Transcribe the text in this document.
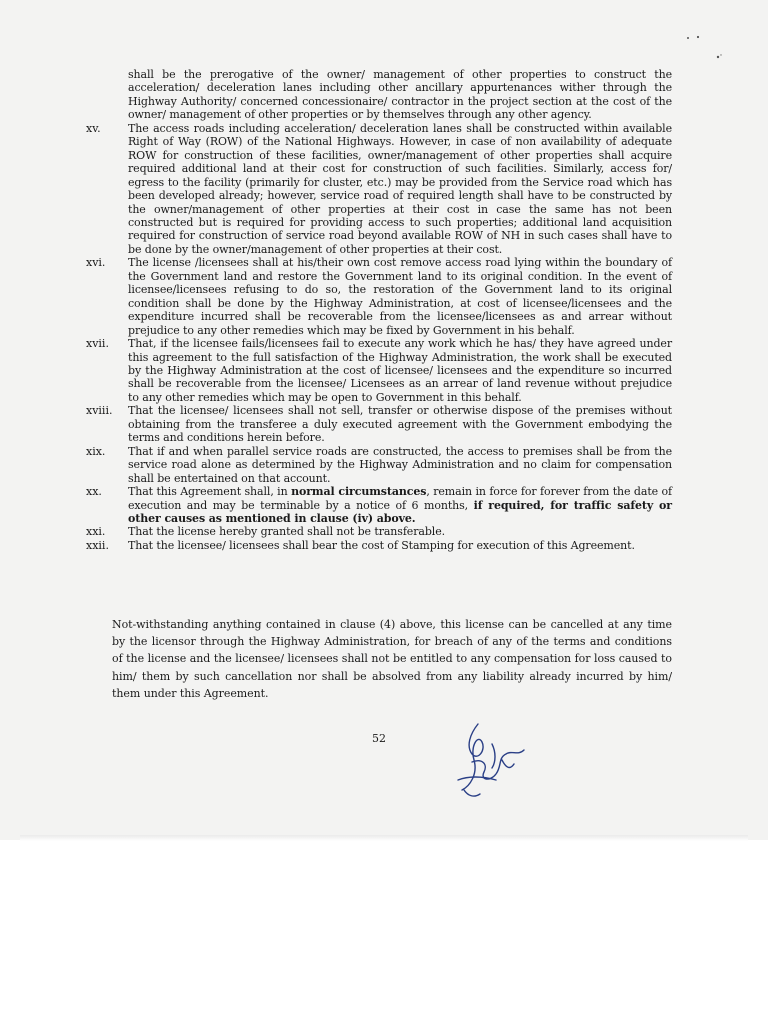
shall be the prerogative of the owner/ management of other properties to construct the acceleration/ deceleration lanes including other ancillary appurtenances wither through the Highway Authority/ concerned concessionaire/ contractor in the project section at the cost of the owner/ management of other properties or by themselves through any other agency.
xv.	The access roads including acceleration/ deceleration lanes shall be constructed within available Right of Way (ROW) of the National Highways. However, in case of non availability of adequate ROW for construction of these facilities, owner/management of other properties shall acquire required additional land at their cost for construction of such facilities. Similarly, access for/ egress to the facility (primarily for cluster, etc.) may be provided from the Service road which has been developed already; however, service road of required length shall have to be constructed by the owner/management of other properties at their cost in case the same has not been constructed but is required for providing access to such properties; additional land acquisition required for construction of service road beyond available ROW of NH in such cases shall have to be done by the owner/management of other properties at their cost.
xvi.	The license /licensees shall at his/their own cost remove access road lying within the boundary of the Government land and restore the Government land to its original condition. In the event of licensee/licensees refusing to do so, the restoration of the Government land to its original condition shall be done by the Highway Administration, at cost of licensee/licensees and the expenditure incurred shall be recoverable from the licensee/licensees as and arrear without prejudice to any other remedies which may be fixed by Government in his behalf.
xvii.	That, if the licensee fails/licensees fail to execute any work which he has/ they have agreed under this agreement to the full satisfaction of the Highway Administration, the work shall be executed by the Highway Administration at the cost of licensee/ licensees and the expenditure so incurred shall be recoverable from the licensee/ Licensees as an arrear of land revenue without prejudice to any other remedies which may be open to Government in this behalf.
xviii.	That the licensee/ licensees shall not sell, transfer or otherwise dispose of the premises without obtaining from the transferee a duly executed agreement with the Government embodying the terms and conditions herein before.
xix.	That if and when parallel service roads are constructed, the access to premises shall be from the service road alone as determined by the Highway Administration and no claim for compensation shall be entertained on that account.
xx.	That this Agreement shall, in normal circumstances, remain in force for forever from the date of execution and may be terminable by a notice of 6 months, if required, for traffic safety or other causes as mentioned in clause (iv) above.
xxi.	That the license hereby granted shall not be transferable.
xxii.	That the licensee/ licensees shall bear the cost of Stamping for execution of this Agreement.
Not-withstanding anything contained in clause (4) above, this license can be cancelled at any time by the licensor through the Highway Administration, for breach of any of the terms and conditions of the license and the licensee/ licensees shall not be entitled to any compensation for loss caused to him/ them by such cancellation nor shall be absolved from any liability already incurred by him/ them under this Agreement.
52
